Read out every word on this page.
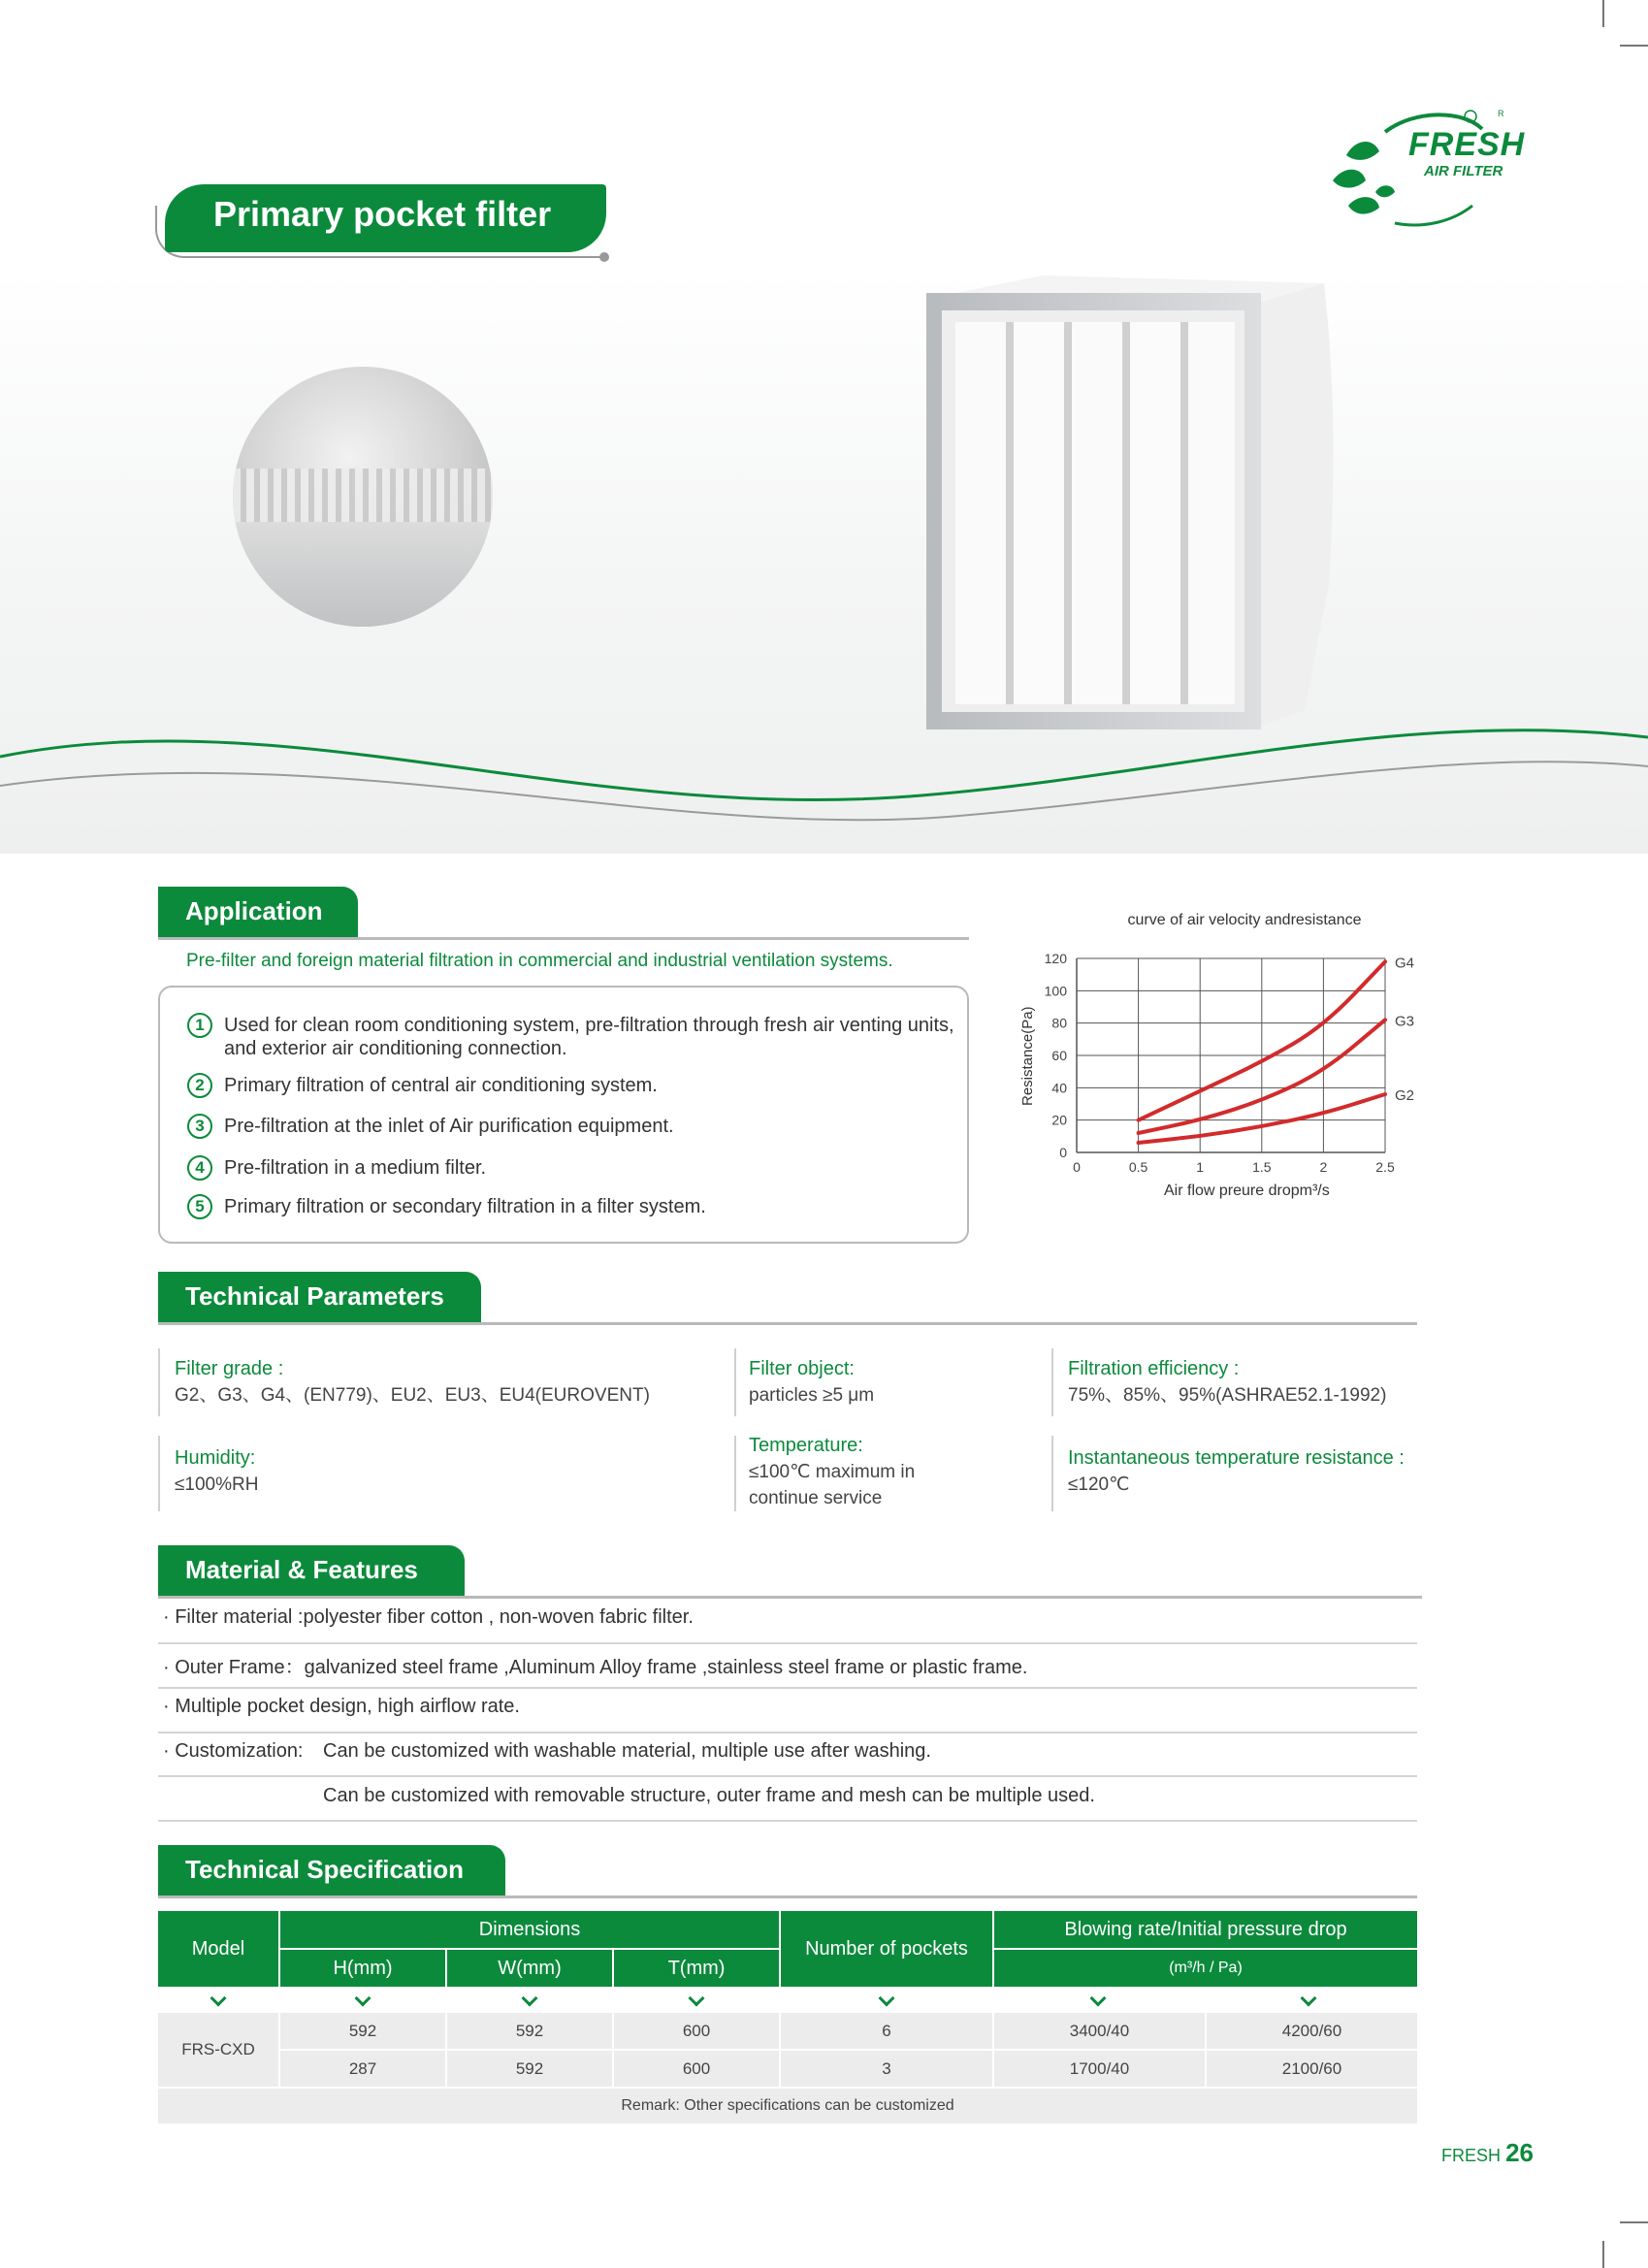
FRESH
AIR FILTER
R
Primary pocket filter
Application
Pre-filter and foreign material filtration in commercial and industrial ventilation systems.
1	Used for clean room conditioning system, pre-filtration through fresh air venting units, and exterior air conditioning connection.
2	Primary filtration of central air conditioning system.
3	Pre-filtration at the inlet of Air purification equipment.
4	Pre-filtration in a medium filter.
5	Primary filtration or secondary filtration in a filter system.
curve of air velocity andresistance
0
20
40
60
80
100
120
0	0.5	1	1.5	2	2.5
G4
G3
G2
Resistance(Pa)
Air flow preure dropm³/s
Technical Parameters
Filter grade :
G2、G3、G4、(EN779)、EU2、EU3、EU4(EUROVENT)
Filter object:
particles ≥5 μm
Filtration efficiency :
75%、85%、95%(ASHRAE52.1-1992)
Humidity:
≤100%RH
Temperature:
≤100℃ maximum in
continue service
Instantaneous temperature resistance :
≤120℃
Material & Features
· Filter material :polyester fiber cotton , non-woven fabric filter.
· Outer Frame：galvanized steel frame ,Aluminum Alloy frame ,stainless steel frame or plastic frame.
· Multiple pocket design, high airflow rate.
· Customization: Can be customized with washable material, multiple use after washing.
Can be customized with removable structure, outer frame and mesh can be multiple used.
Technical Specification
Model
Dimensions
H(mm)	W(mm)	T(mm)
Number of pockets
Blowing rate/Initial pressure drop
(m³/h / Pa)
FRS-CXD
592	592	600	6	3400/40	4200/60
287	592	600	3	1700/40	2100/60
Remark: Other specifications can be customized
FRESH 26
